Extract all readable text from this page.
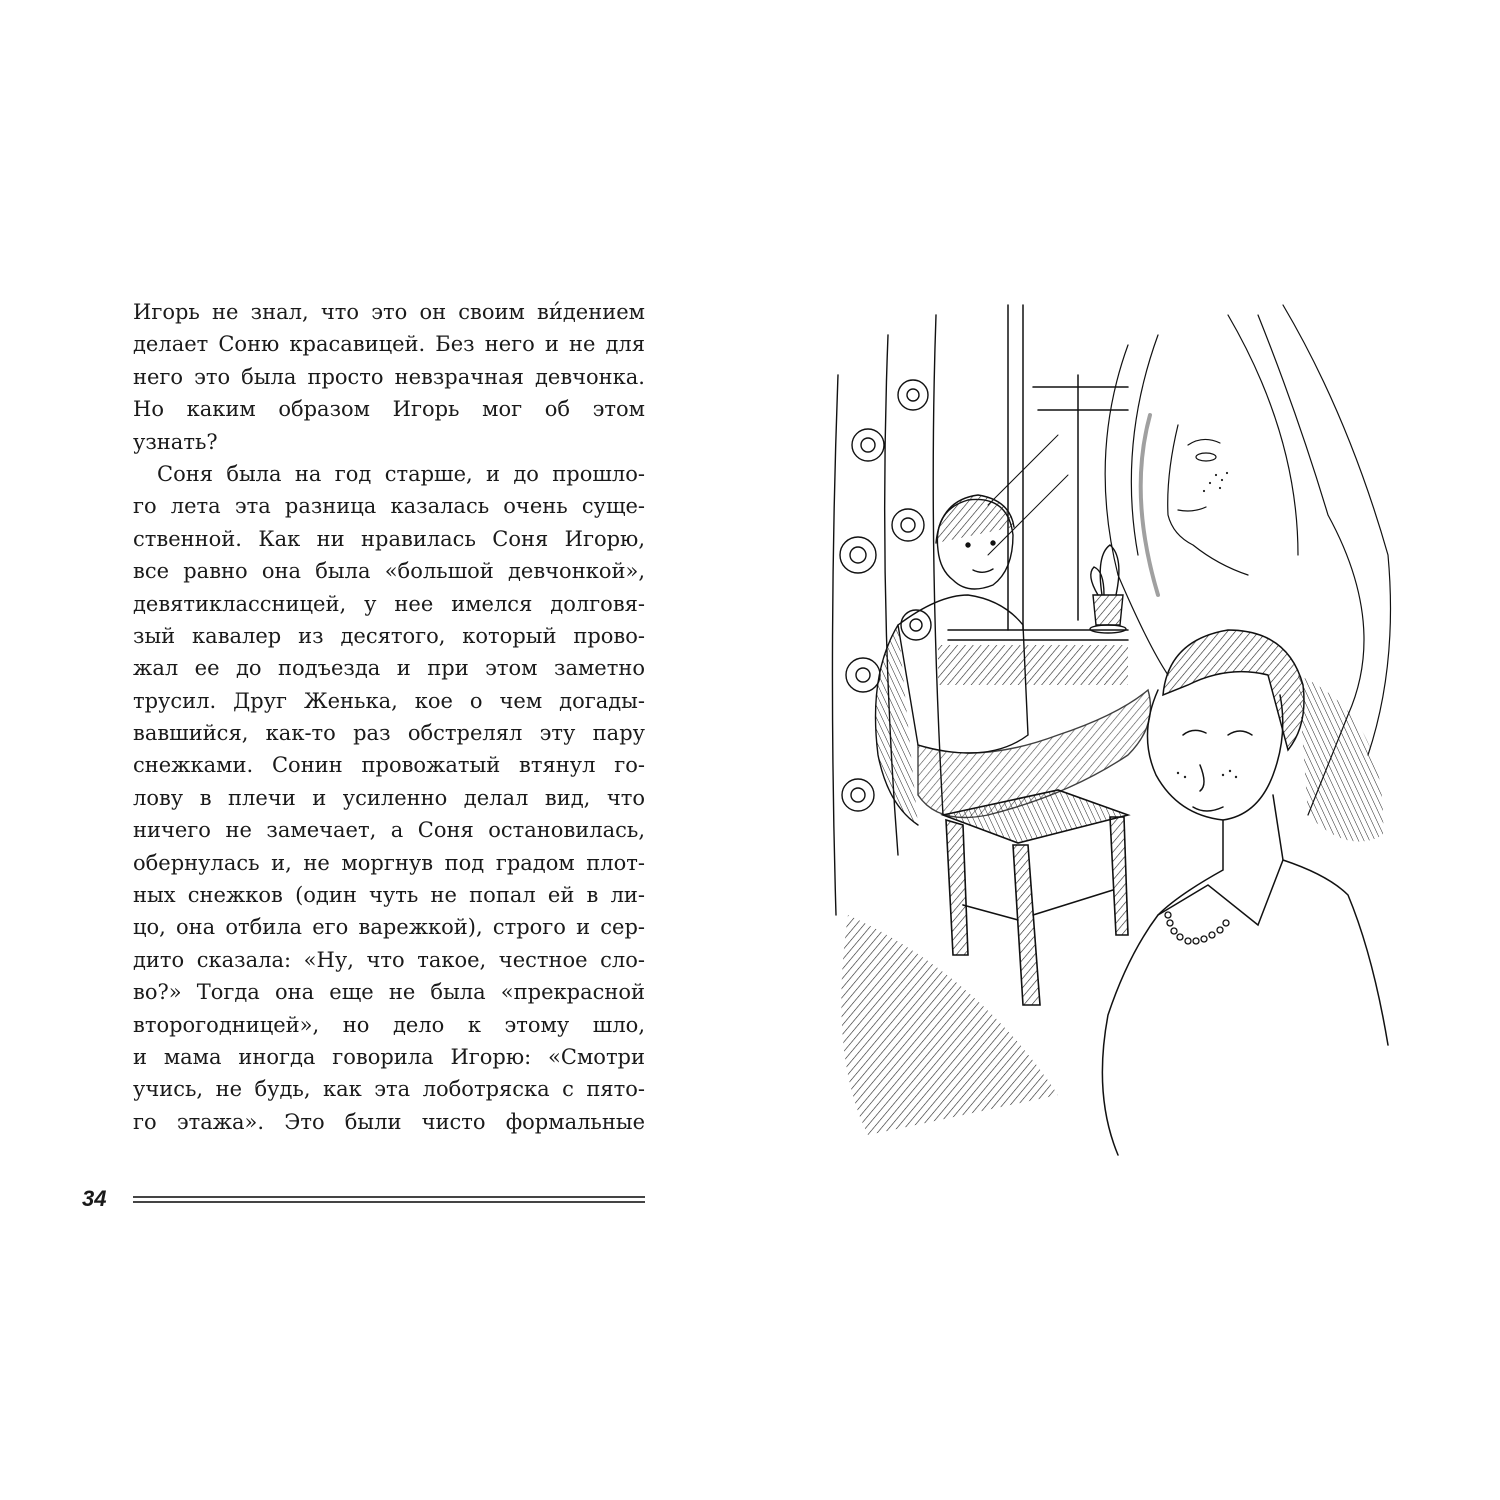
Игорь не знал, что это он своим ви́дением
делает Соню красавицей. Без него и не для
него это была просто невзрачная девчонка.
Но каким образом Игорь мог об этом
узнать?
Соня была на год старше, и до прошло-
го лета эта разница казалась очень суще-
ственной. Как ни нравилась Соня Игорю,
все равно она была «большой девчонкой»,
девятиклассницей, у нее имелся долговя-
зый кавалер из десятого, который прово-
жал ее до подъезда и при этом заметно
трусил. Друг Женька, кое о чем догады-
вавшийся, как-то раз обстрелял эту пару
снежками. Сонин провожатый втянул го-
лову в плечи и усиленно делал вид, что
ничего не замечает, а Соня остановилась,
обернулась и, не моргнув под градом плот-
ных снежков (один чуть не попал ей в ли-
цо, она отбила его варежкой), строго и сер-
дито сказала: «Ну, что такое, честное сло-
во?» Тогда она еще не была «прекрасной
второгодницей», но дело к этому шло,
и мама иногда говорила Игорю: «Смотри
учись, не будь, как эта лоботряска с пято-
го этажа». Это были чисто формальные
34
